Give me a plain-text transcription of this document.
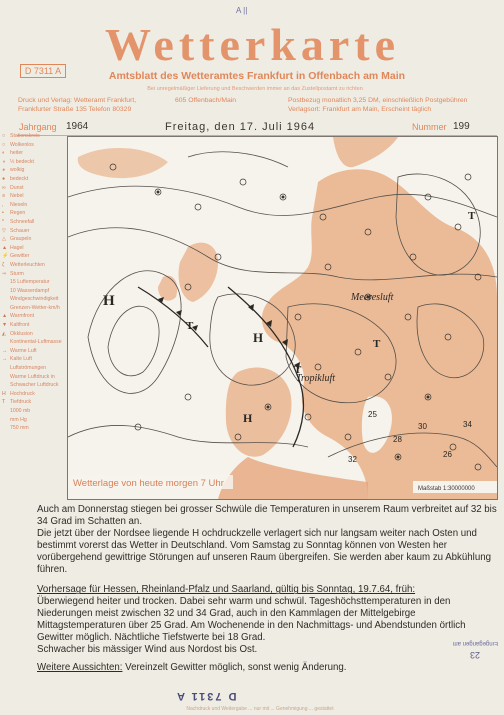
A ||
D 7311 A
Wetterkarte
Amtsblatt des Wetteramtes Frankfurt in Offenbach am Main
Bei unregelmäßiger Lieferung und Beschwerden immer an das Zustellpostamt zu richten
Druck und Verlag: Wetteramt Frankfurt,	605 Offenbach/Main
Frankfurter Straße 135 Telefon 80329
Postbezug monatlich 3,25 DM, einschließlich Postgebühren
Verlagsort: Frankfurt am Main, Erscheint täglich
Jahrgang 1964	Freitag, den 17. Juli 1964	Nummer 199
○ Stationskreis
○ Wolkenlos
◐ heiter
◑ ½ bedeckt
◕ wolkig
● bedeckt
∞ Dunst
≡ Nebel
, Nieseln
• Regen
* Schneefall
▽ Schauer
△ Graupeln
▲ Hagel
⚡ Gewitter
ζ Wetterleuchten
⇒ Sturm
15 Luftemperatur
10 Wasserdampf
Windgeschwindigkeit
Grenzen-Wetter-km/h
▲ Warmfront
▼ Kaltfront
◭ Okklusion
Kontinental-Luftmasse
→ Warme Luft
→ Kalte Luft
Luftströmungen
Warme Luftdruck in
Schwacher Luftdruck
H Hochdruck
T Tiefdruck
1000 mb
mm Hg
750 mm
H
H
T
T
T
T
H
Meeresluft
Tropikluft
25
28
30
32
34
26
Wetterlage von heute morgen 7 Uhr	Maßstab 1:30000000

Auch am Donnerstag stiegen bei grosser Schwüle die Temperaturen in unserem Raum verbreitet auf 32 bis 34 Grad im Schatten an.

Die jetzt über der Nordsee liegende H ochdruckzelle verlagert sich nur langsam weiter nach Osten und bestimmt vorerst das Wetter in Deutschland. Vom Samstag zu Sonntag können von Westen her vorübergehend gewittrige Störungen auf unseren Raum übergreifen. Sie werden aber kaum zu Abkühlung führen.

Vorhersage für Hessen, Rheinland-Pfalz und Saarland, gültig bis Sonntag, 19.7.64, früh:

Überwiegend heiter und trocken. Dabei sehr warm und schwül. Tageshöchsttemperaturen in den Niederungen meist zwischen 32 und 34 Grad, auch in den Kammlagen der Mittelgebirge Mittagstemperaturen über 25 Grad. Am Wochenende in den Nachmittags- und Abendstunden örtlich Gewitter möglich. Nächtliche Tiefstwerte bei 18 Grad.

Schwacher bis mässiger Wind aus Nordost bis Ost.

Weitere Aussichten: Vereinzelt Gewitter möglich, sonst wenig Änderung.

23
Eingegangen am
D 7311 A
Nachdruck und Weitergabe ... nur mit ... Genehmigung ... gestattet
